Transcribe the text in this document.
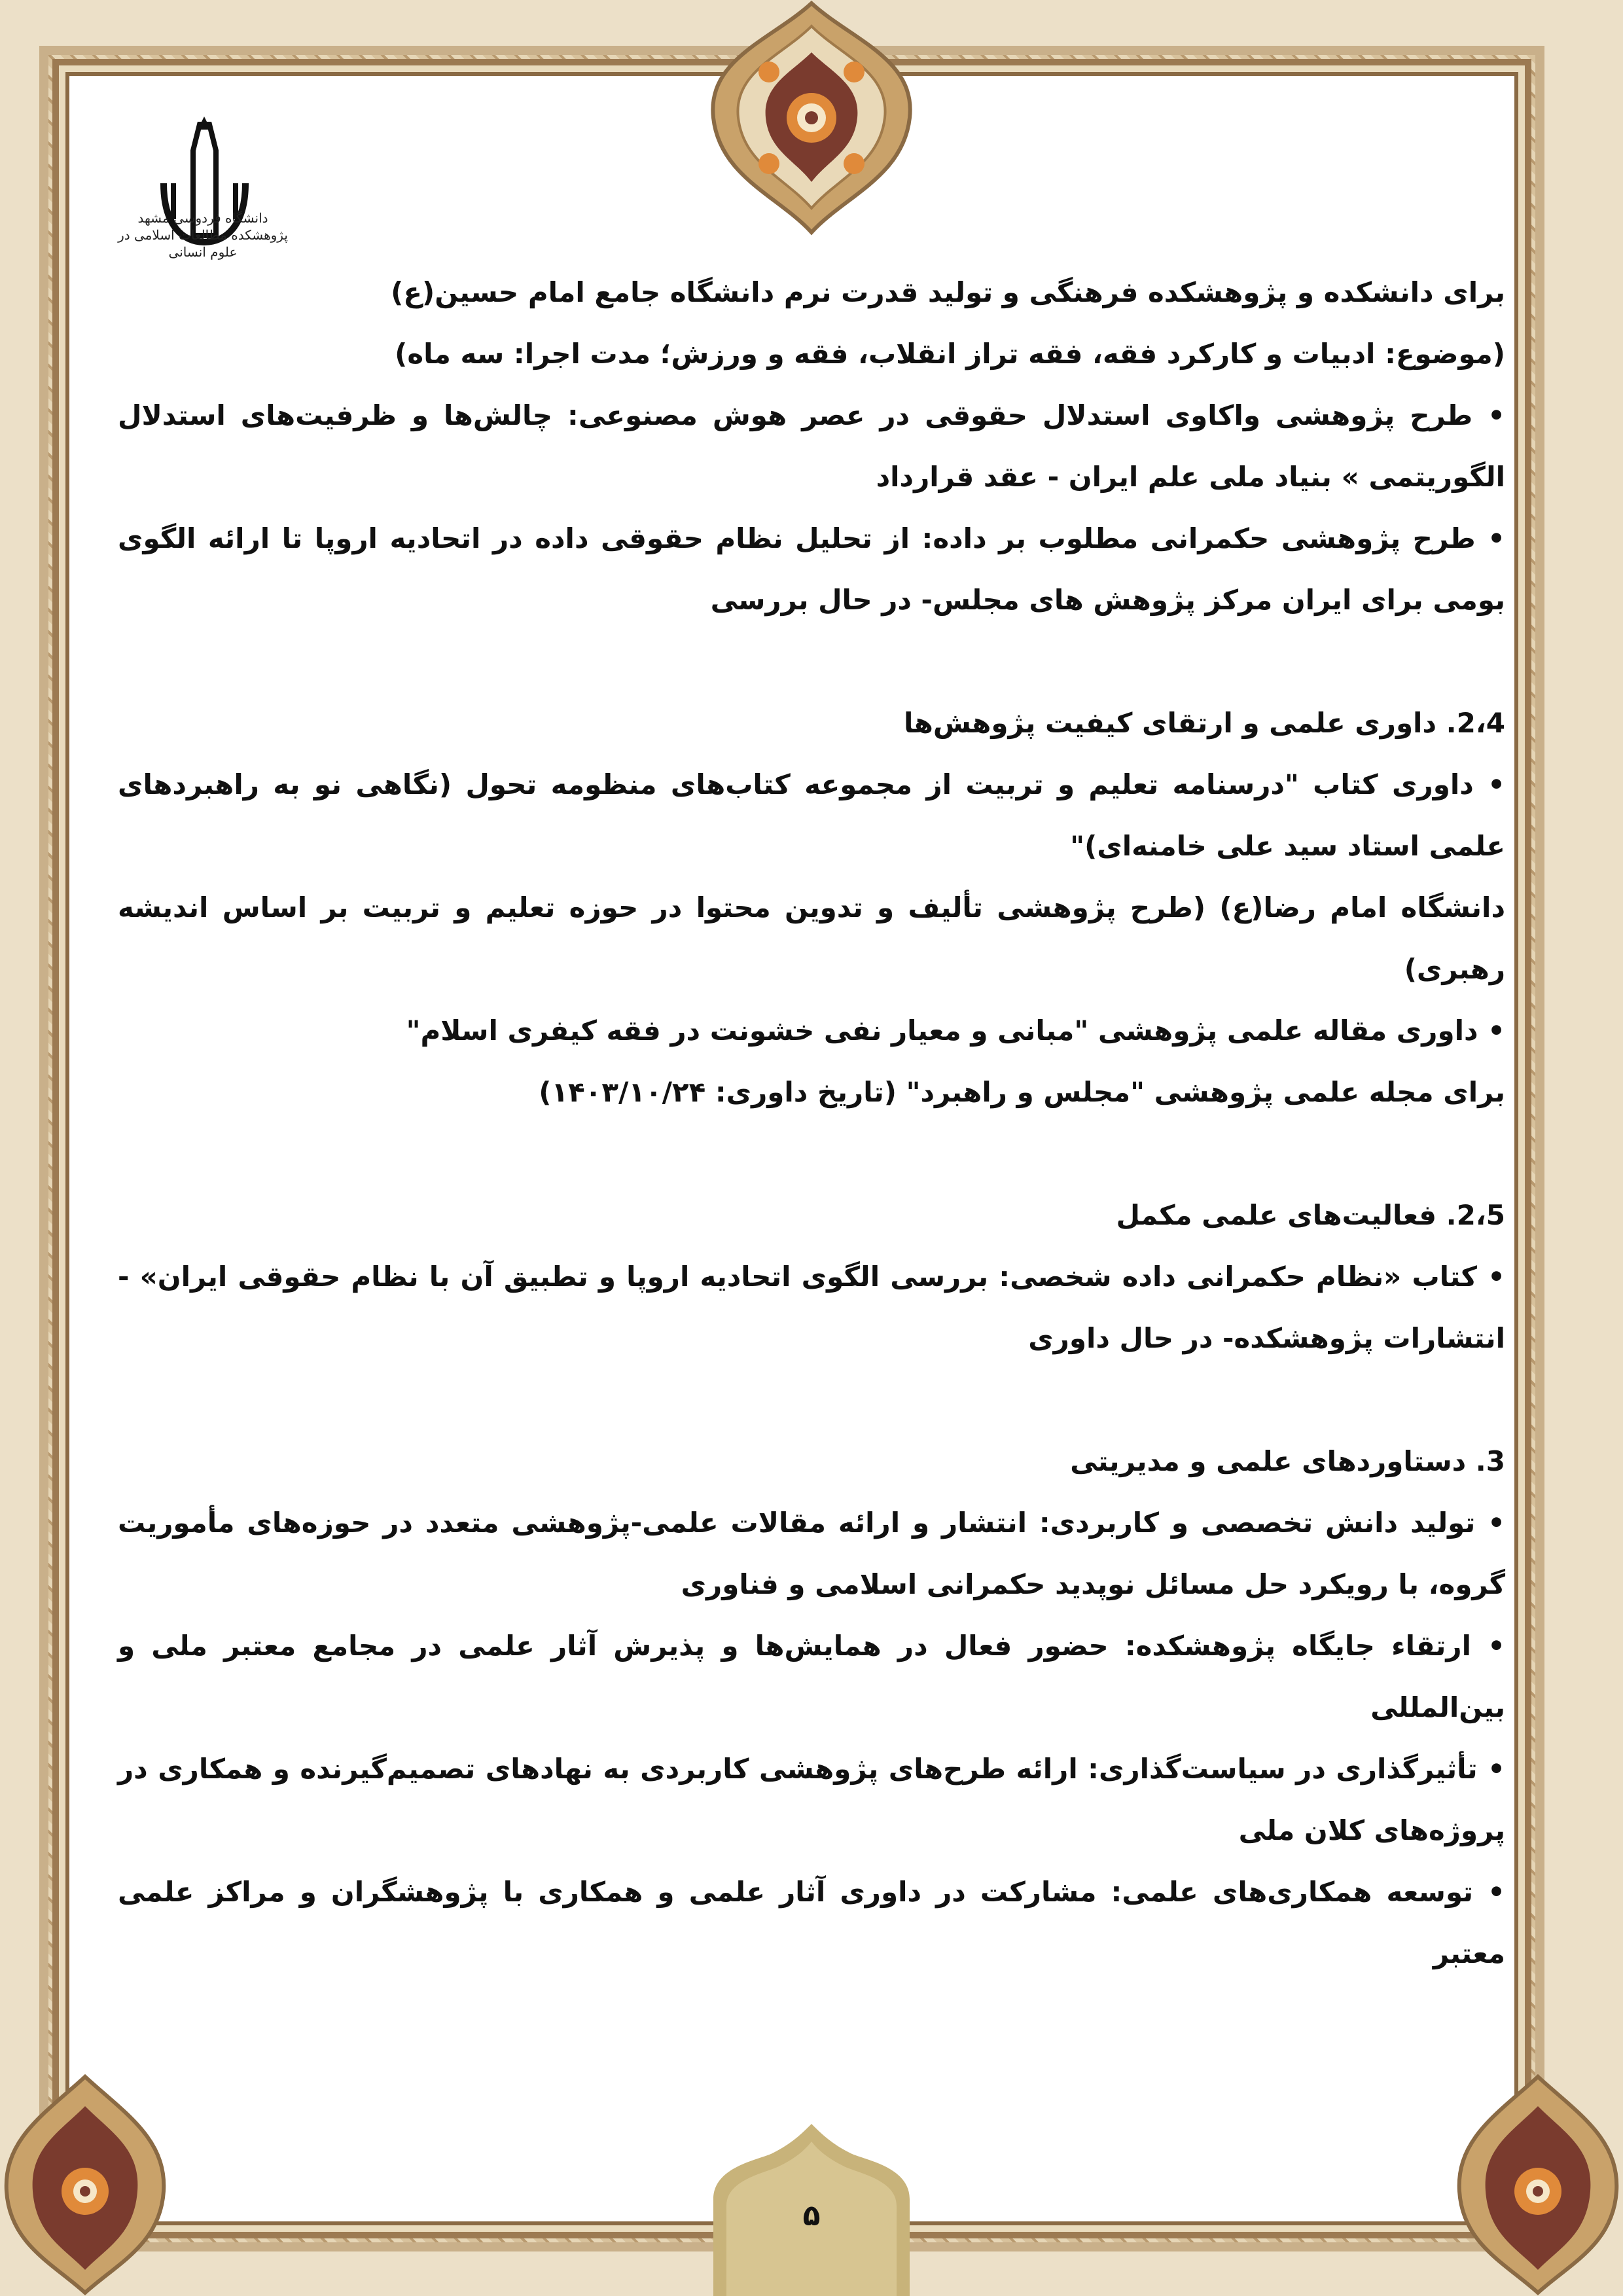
۵
دانشگاه فردوسی مشهد
پژوهشکده مطالعات اسلامی در علوم انسانی

برای دانشکده و پژوهشکده فرهنگی و تولید قدرت نرم دانشگاه جامع امام حسین(ع)

(موضوع: ادبیات و کارکرد فقه، فقه تراز انقلاب، فقه و ورزش؛ مدت اجرا: سه ماه)

• طرح پژوهشی واکاوی استدلال حقوقی در عصر هوش مصنوعی: چالش‌ها و ظرفیت‌های استدلال الگوریتمی » بنیاد ملی علم ایران - عقد قرارداد

• طرح پژوهشی حکمرانی مطلوب بر داده: از تحلیل نظام حقوقی داده در اتحادیه اروپا تا ارائه الگوی بومی برای ایران مرکز پژوهش های مجلس- در حال بررسی

2،4. داوری علمی و ارتقای کیفیت پژوهش‌ها

• داوری کتاب "درسنامه تعلیم و تربیت از مجموعه کتاب‌های منظومه تحول (نگاهی نو به راهبردهای علمی استاد سید علی خامنه‌ای)"

دانشگاه امام رضا(ع) (طرح پژوهشی تألیف و تدوین محتوا در حوزه تعلیم و تربیت بر اساس اندیشه رهبری)

• داوری مقاله علمی پژوهشی "مبانی و معیار نفی خشونت در فقه کیفری اسلام"

برای مجله علمی پژوهشی "مجلس و راهبرد" (تاریخ داوری: ۱۴۰۳/۱۰/۲۴)

2،5. فعالیت‌های علمی مکمل

• کتاب «نظام حکمرانی داده شخصی: بررسی الگوی اتحادیه اروپا و تطبیق آن با نظام حقوقی ایران» - انتشارات پژوهشکده- در حال داوری

3. دستاوردهای علمی و مدیریتی

• تولید دانش تخصصی و کاربردی: انتشار و ارائه مقالات علمی-پژوهشی متعدد در حوزه‌های مأموریت گروه، با رویکرد حل مسائل نوپدید حکمرانی اسلامی و فناوری

• ارتقاء جایگاه پژوهشکده: حضور فعال در همایش‌ها و پذیرش آثار علمی در مجامع معتبر ملی و بین‌المللی

• تأثیرگذاری در سیاست‌گذاری: ارائه طرح‌های پژوهشی کاربردی به نهادهای تصمیم‌گیرنده و همکاری در پروژه‌های کلان ملی

• توسعه همکاری‌های علمی: مشارکت در داوری آثار علمی و همکاری با پژوهشگران و مراکز علمی معتبر
